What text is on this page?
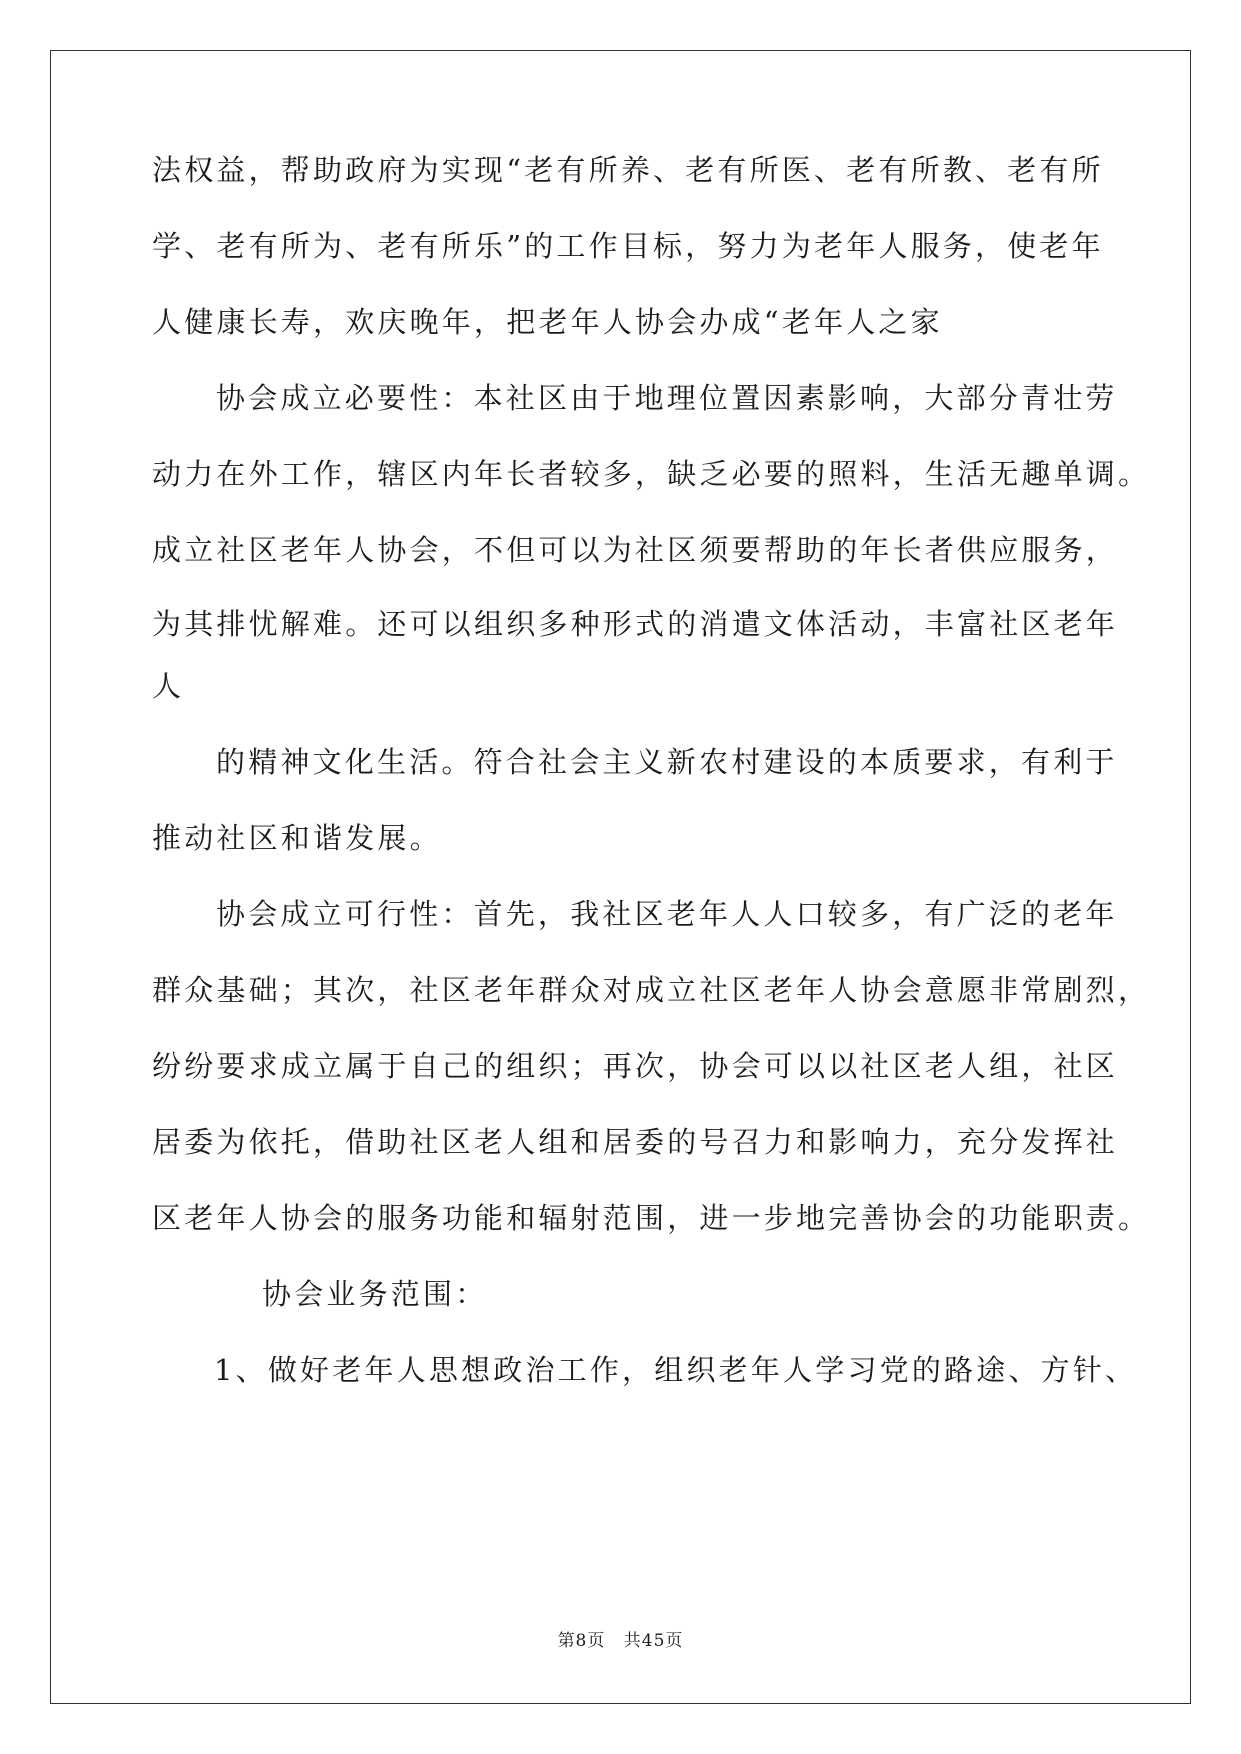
法权益，帮助政府为实现“老有所养、老有所医、老有所教、老有所

学、老有所为、老有所乐”的工作目标，努力为老年人服务，使老年

人健康长寿，欢庆晚年，把老年人协会办成“老年人之家

协会成立必要性：本社区由于地理位置因素影响，大部分青壮劳

动力在外工作，辖区内年长者较多，缺乏必要的照料，生活无趣单调。

成立社区老年人协会，不但可以为社区须要帮助的年长者供应服务，

为其排忧解难。还可以组织多种形式的消遣文体活动，丰富社区老年

人

的精神文化生活。符合社会主义新农村建设的本质要求，有利于

推动社区和谐发展。

协会成立可行性：首先，我社区老年人人口较多，有广泛的老年

群众基础；其次，社区老年群众对成立社区老年人协会意愿非常剧烈，

纷纷要求成立属于自己的组织；再次，协会可以以社区老人组，社区

居委为依托，借助社区老人组和居委的号召力和影响力，充分发挥社

区老年人协会的服务功能和辐射范围，进一步地完善协会的功能职责。

协会业务范围：

1、做好老年人思想政治工作，组织老年人学习党的路途、方针、

第8页 共45页
